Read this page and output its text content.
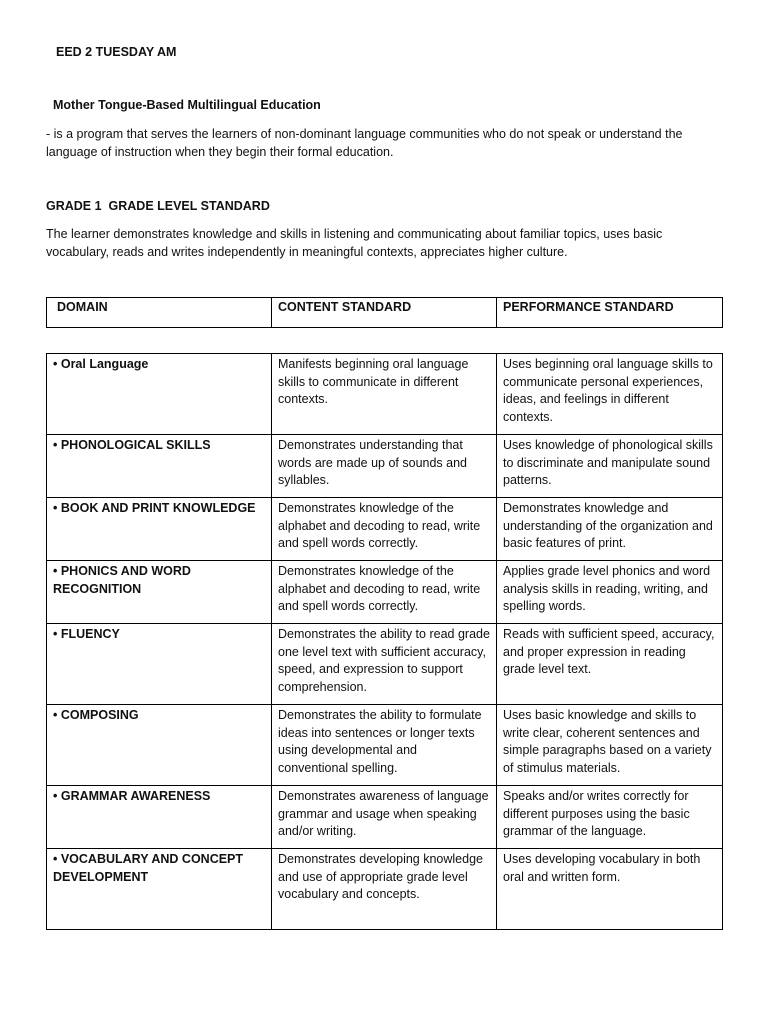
EED 2 TUESDAY AM
Mother Tongue-Based Multilingual Education
- is a program that serves the learners of non-dominant language communities who do not speak or understand the language of instruction when they begin their formal education.
GRADE 1  GRADE LEVEL STANDARD
The learner demonstrates knowledge and skills in listening and communicating about familiar topics, uses basic vocabulary, reads and writes independently in meaningful contexts, appreciates higher culture.
DOMAIN	CONTENT STANDARD	PERFORMANCE STANDARD
• Oral Language	Manifests beginning oral language skills to communicate in different contexts.	Uses beginning oral language skills to communicate personal experiences, ideas, and feelings in different contexts.
• PHONOLOGICAL SKILLS	Demonstrates understanding that words are made up of sounds and syllables.	Uses knowledge of phonological skills to discriminate and manipulate sound patterns.
• BOOK AND PRINT KNOWLEDGE	Demonstrates knowledge of the alphabet and decoding to read, write and spell words correctly.	Demonstrates knowledge and understanding of the organization and basic features of print.
• PHONICS AND WORD RECOGNITION	Demonstrates knowledge of the alphabet and decoding to read, write and spell words correctly.	Applies grade level phonics and word analysis skills in reading, writing, and spelling words.
• FLUENCY	Demonstrates the ability to read grade one level text with sufficient accuracy, speed, and expression to support comprehension.	Reads with sufficient speed, accuracy, and proper expression in reading grade level text.
• COMPOSING	Demonstrates the ability to formulate ideas into sentences or longer texts using developmental and conventional spelling.	Uses basic knowledge and skills to write clear, coherent sentences and simple paragraphs based on a variety of stimulus materials.
• GRAMMAR AWARENESS	Demonstrates awareness of language grammar and usage when speaking and/or writing.	Speaks and/or writes correctly for different purposes using the basic grammar of the language.
• VOCABULARY AND CONCEPT DEVELOPMENT	Demonstrates developing knowledge and use of appropriate grade level vocabulary and concepts.	Uses developing vocabulary in both oral and written form.
